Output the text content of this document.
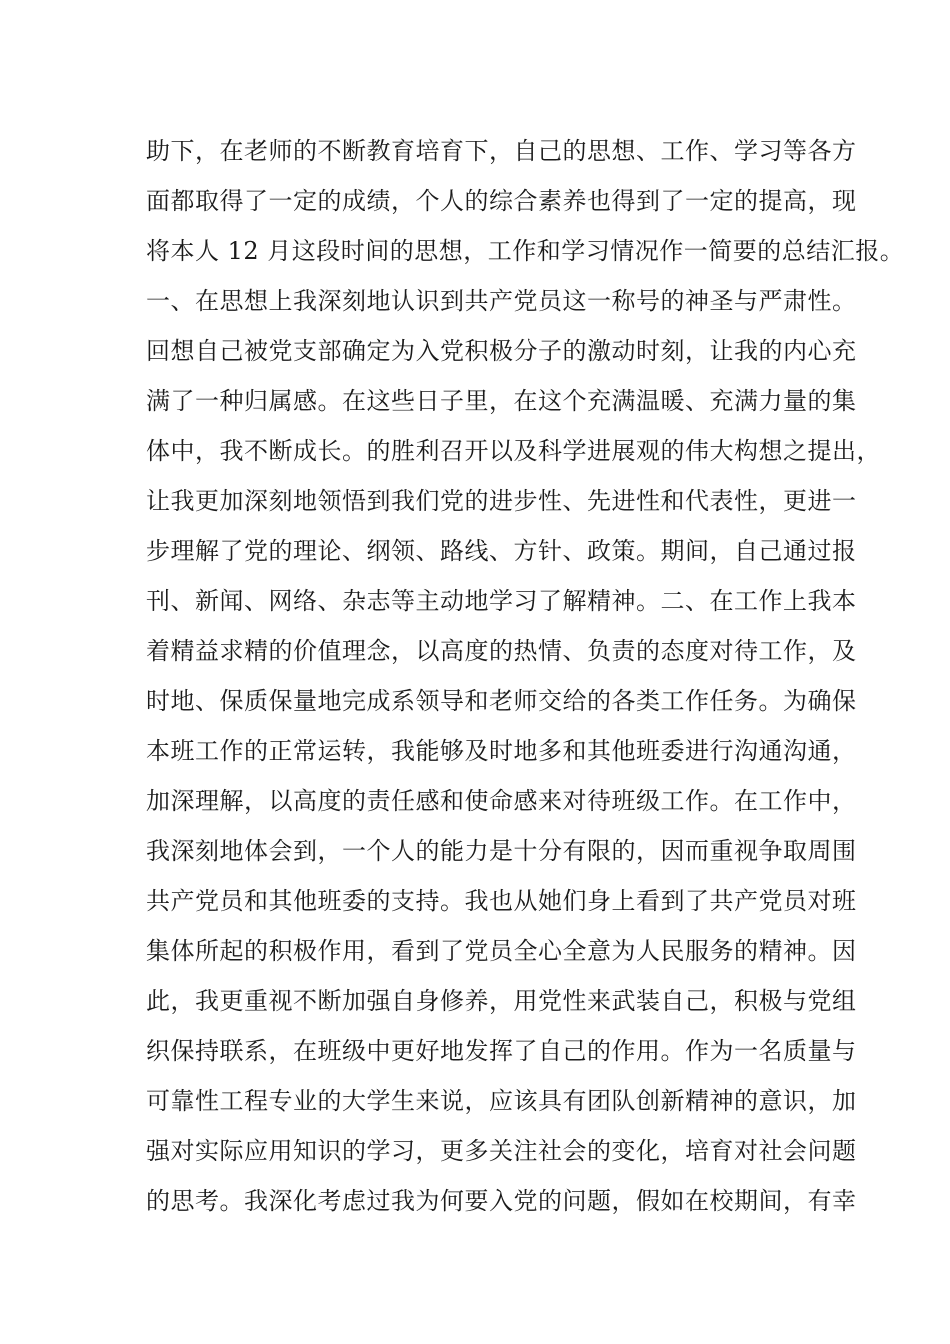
助下，在老师的不断教育培育下，自己的思想、工作、学习等各方
面都取得了一定的成绩，个人的综合素养也得到了一定的提高，现
将本人 12 月这段时间的思想，工作和学习情况作一简要的总结汇报。
一、在思想上我深刻地认识到共产党员这一称号的神圣与严肃性。
回想自己被党支部确定为入党积极分子的激动时刻，让我的内心充
满了一种归属感。在这些日子里，在这个充满温暖、充满力量的集
体中，我不断成长。的胜利召开以及科学进展观的伟大构想之提出，
让我更加深刻地领悟到我们党的进步性、先进性和代表性，更进一
步理解了党的理论、纲领、路线、方针、政策。期间，自己通过报
刊、新闻、网络、杂志等主动地学习了解精神。二、在工作上我本
着精益求精的价值理念，以高度的热情、负责的态度对待工作，及
时地、保质保量地完成系领导和老师交给的各类工作任务。为确保
本班工作的正常运转，我能够及时地多和其他班委进行沟通沟通，
加深理解，以高度的责任感和使命感来对待班级工作。在工作中，
我深刻地体会到，一个人的能力是十分有限的，因而重视争取周围
共产党员和其他班委的支持。我也从她们身上看到了共产党员对班
集体所起的积极作用，看到了党员全心全意为人民服务的精神。因
此，我更重视不断加强自身修养，用党性来武装自己，积极与党组
织保持联系，在班级中更好地发挥了自己的作用。作为一名质量与
可靠性工程专业的大学生来说，应该具有团队创新精神的意识，加
强对实际应用知识的学习，更多关注社会的变化，培育对社会问题
的思考。我深化考虑过我为何要入党的问题，假如在校期间，有幸
